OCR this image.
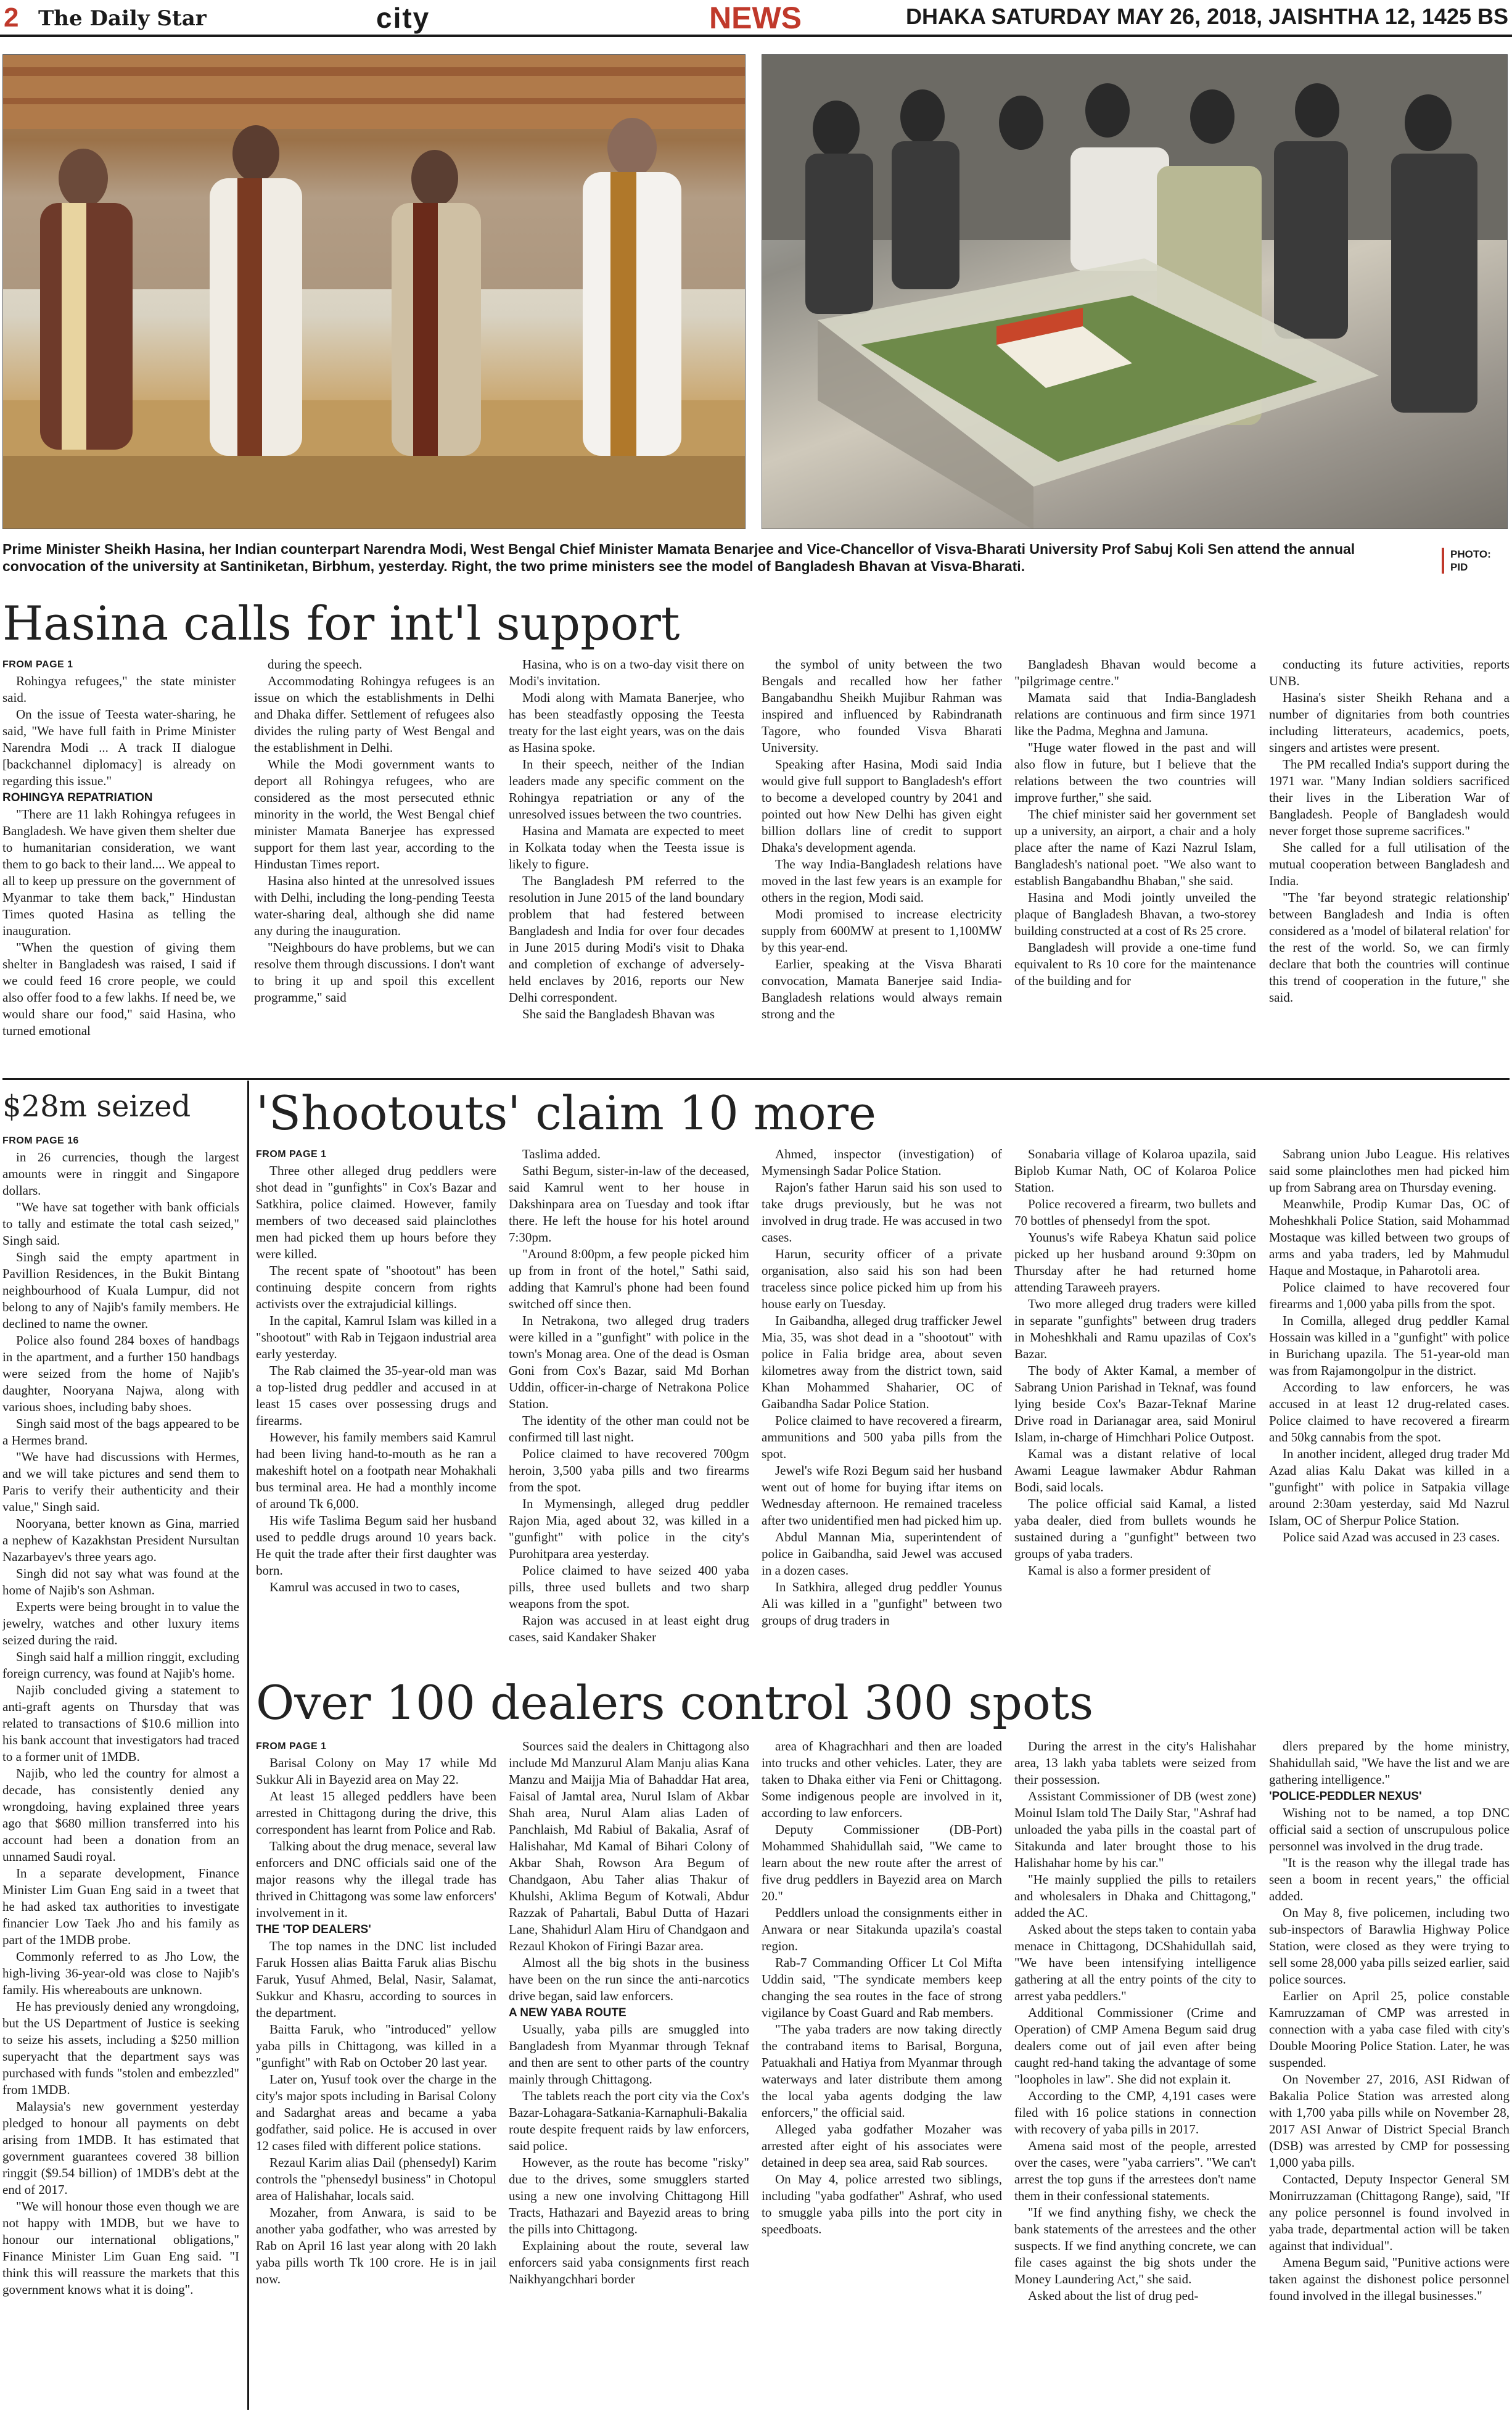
2 The Daily Star	city	NEWS	DHAKA SATURDAY MAY 26, 2018, JAISHTHA 12, 1425 BS
Prime Minister Sheikh Hasina, her Indian counterpart Narendra Modi, West Bengal Chief Minister Mamata Benarjee and Vice-Chancellor of Visva-Bharati University Prof Sabuj Koli Sen attend the annual convocation of the university at Santiniketan, Birbhum, yesterday. Right, the two prime ministers see the model of Bangladesh Bhavan at Visva-Bharati.
PHOTO:
PID
Hasina calls for int'l support

FROM PAGE 1

Rohingya refugees," the state minister said.

On the issue of Teesta water-sharing, he said, "We have full faith in Prime Minister Narendra Modi ... A track II dialogue [backchannel diplomacy] is already on regarding this issue."

ROHINGYA REPATRIATION

"There are 11 lakh Rohingya refugees in Bangladesh. We have given them shelter due to humanitarian consideration, we want them to go back to their land.... We appeal to all to keep up pressure on the government of Myanmar to take them back," Hindustan Times quoted Hasina as telling the inauguration.

"When the question of giving them shelter in Bangladesh was raised, I said if we could feed 16 crore people, we could also offer food to a few lakhs. If need be, we would share our food," said Hasina, who turned emotional

during the speech.

Accommodating Rohingya refugees is an issue on which the establishments in Delhi and Dhaka differ. Settlement of refugees also divides the ruling party of West Bengal and the establishment in Delhi.

While the Modi government wants to deport all Rohingya refugees, who are considered as the most persecuted ethnic minority in the world, the West Bengal chief minister Mamata Banerjee has expressed support for them last year, according to the Hindustan Times report.

Hasina also hinted at the unresolved issues with Delhi, including the long-pending Teesta water-sharing deal, although she did name any during the inauguration.

"Neighbours do have problems, but we can resolve them through discussions. I don't want to bring it up and spoil this excellent programme," said

Hasina, who is on a two-day visit there on Modi's invitation.

Modi along with Mamata Banerjee, who has been steadfastly opposing the Teesta treaty for the last eight years, was on the dais as Hasina spoke.

In their speech, neither of the Indian leaders made any specific comment on the Rohingya repatriation or any of the unresolved issues between the two countries.

Hasina and Mamata are expected to meet in Kolkata today when the Teesta issue is likely to figure.

The Bangladesh PM referred to the resolution in June 2015 of the land boundary problem that had festered between Bangladesh and India for over four decades in June 2015 during Modi's visit to Dhaka and completion of exchange of adversely-held enclaves by 2016, reports our New Delhi correspondent.

She said the Bangladesh Bhavan was

the symbol of unity between the two Bengals and recalled how her father Bangabandhu Sheikh Mujibur Rahman was inspired and influenced by Rabindranath Tagore, who founded Visva Bharati University.

Speaking after Hasina, Modi said India would give full support to Bangladesh's effort to become a developed country by 2041 and pointed out how New Delhi has given eight billion dollars line of credit to support Dhaka's development agenda.

The way India-Bangladesh relations have moved in the last few years is an example for others in the region, Modi said.

Modi promised to increase electricity supply from 600MW at present to 1,100MW by this year-end.

Earlier, speaking at the Visva Bharati convocation, Mamata Banerjee said India-Bangladesh relations would always remain strong and the

Bangladesh Bhavan would become a "pilgrimage centre."

Mamata said that India-Bangladesh relations are continuous and firm since 1971 like the Padma, Meghna and Jamuna.

"Huge water flowed in the past and will also flow in future, but I believe that the relations between the two countries will improve further," she said.

The chief minister said her government set up a university, an airport, a chair and a holy place after the name of Kazi Nazrul Islam, Bangladesh's national poet. "We also want to establish Bangabandhu Bhaban," she said.

Hasina and Modi jointly unveiled the plaque of Bangladesh Bhavan, a two-storey building constructed at a cost of Rs 25 crore.

Bangladesh will provide a one-time fund equivalent to Rs 10 core for the maintenance of the building and for

conducting its future activities, reports UNB.

Hasina's sister Sheikh Rehana and a number of dignitaries from both countries including litterateurs, academics, poets, singers and artistes were present.

The PM recalled India's support during the 1971 war. "Many Indian soldiers sacrificed their lives in the Liberation War of Bangladesh. People of Bangladesh would never forget those supreme sacrifices."

She called for a full utilisation of the mutual cooperation between Bangladesh and India.

"The 'far beyond strategic relationship' between Bangladesh and India is often considered as a 'model of bilateral relation' for the rest of the world. So, we can firmly declare that both the countries will continue this trend of cooperation in the future," she said.

$28m seized

FROM PAGE 16

in 26 currencies, though the largest amounts were in ringgit and Singapore dollars.

"We have sat together with bank officials to tally and estimate the total cash seized," Singh said.

Singh said the empty apartment in Pavillion Residences, in the Bukit Bintang neighbourhood of Kuala Lumpur, did not belong to any of Najib's family members. He declined to name the owner.

Police also found 284 boxes of handbags in the apartment, and a further 150 handbags were seized from the home of Najib's daughter, Nooryana Najwa, along with various shoes, including baby shoes.

Singh said most of the bags appeared to be a Hermes brand.

"We have had discussions with Hermes, and we will take pictures and send them to Paris to verify their authenticity and their value," Singh said.

Nooryana, better known as Gina, married a nephew of Kazakhstan President Nursultan Nazarbayev's three years ago.

Singh did not say what was found at the home of Najib's son Ashman.

Experts were being brought in to value the jewelry, watches and other luxury items seized during the raid.

Singh said half a million ringgit, excluding foreign currency, was found at Najib's home.

Najib concluded giving a statement to anti-graft agents on Thursday that was related to transactions of $10.6 million into his bank account that investigators had traced to a former unit of 1MDB.

Najib, who led the country for almost a decade, has consistently denied any wrongdoing, having explained three years ago that $680 million transferred into his account had been a donation from an unnamed Saudi royal.

In a separate development, Finance Minister Lim Guan Eng said in a tweet that he had asked tax authorities to investigate financier Low Taek Jho and his family as part of the 1MDB probe.

Commonly referred to as Jho Low, the high-living 36-year-old was close to Najib's family. His whereabouts are unknown.

He has previously denied any wrongdoing, but the US Department of Justice is seeking to seize his assets, including a $250 million superyacht that the department says was purchased with funds "stolen and embezzled" from 1MDB.

Malaysia's new government yesterday pledged to honour all payments on debt arising from 1MDB. It has estimated that government guarantees covered 38 billion ringgit ($9.54 billion) of 1MDB's debt at the end of 2017.

"We will honour those even though we are not happy with 1MDB, but we have to honour our international obligations," Finance Minister Lim Guan Eng said. "I think this will reassure the markets that this government knows what it is doing".

'Shootouts' claim 10 more

FROM PAGE 1

Three other alleged drug peddlers were shot dead in "gunfights" in Cox's Bazar and Satkhira, police claimed. However, family members of two deceased said plainclothes men had picked them up hours before they were killed.

The recent spate of "shootout" has been continuing despite concern from rights activists over the extrajudicial killings.

In the capital, Kamrul Islam was killed in a "shootout" with Rab in Tejgaon industrial area early yesterday.

The Rab claimed the 35-year-old man was a top-listed drug peddler and accused in at least 15 cases over possessing drugs and firearms.

However, his family members said Kamrul had been living hand-to-mouth as he ran a makeshift hotel on a footpath near Mohakhali bus terminal area. He had a monthly income of around Tk 6,000.

His wife Taslima Begum said her husband used to peddle drugs around 10 years back. He quit the trade after their first daughter was born.

Kamrul was accused in two to cases,

Taslima added.

Sathi Begum, sister-in-law of the deceased, said Kamrul went to her house in Dakshinpara area on Tuesday and took iftar there. He left the house for his hotel around 7:30pm.

"Around 8:00pm, a few people picked him up from in front of the hotel," Sathi said, adding that Kamrul's phone had been found switched off since then.

In Netrakona, two alleged drug traders were killed in a "gunfight" with police in the town's Monag area. One of the dead is Osman Goni from Cox's Bazar, said Md Borhan Uddin, officer-in-charge of Netrakona Police Station.

The identity of the other man could not be confirmed till last night.

Police claimed to have recovered 700gm heroin, 3,500 yaba pills and two firearms from the spot.

In Mymensingh, alleged drug peddler Rajon Mia, aged about 32, was killed in a "gunfight" with police in the city's Purohitpara area yesterday.

Police claimed to have seized 400 yaba pills, three used bullets and two sharp weapons from the spot.

Rajon was accused in at least eight drug cases, said Kandaker Shaker

Ahmed, inspector (investigation) of Mymensingh Sadar Police Station.

Rajon's father Harun said his son used to take drugs previously, but he was not involved in drug trade. He was accused in two cases.

Harun, security officer of a private organisation, also said his son had been traceless since police picked him up from his house early on Tuesday.

In Gaibandha, alleged drug trafficker Jewel Mia, 35, was shot dead in a "shootout" with police in Falia bridge area, about seven kilometres away from the district town, said Khan Mohammed Shaharier, OC of Gaibandha Sadar Police Station.

Police claimed to have recovered a firearm, ammunitions and 500 yaba pills from the spot.

Jewel's wife Rozi Begum said her husband went out of home for buying iftar items on Wednesday afternoon. He remained traceless after two unidentified men had picked him up.

Abdul Mannan Mia, superintendent of police in Gaibandha, said Jewel was accused in a dozen cases.

In Satkhira, alleged drug peddler Younus Ali was killed in a "gunfight" between two groups of drug traders in

Sonabaria village of Kolaroa upazila, said Biplob Kumar Nath, OC of Kolaroa Police Station.

Police recovered a firearm, two bullets and 70 bottles of phensedyl from the spot.

Younus's wife Rabeya Khatun said police picked up her husband around 9:30pm on Thursday after he had returned home attending Taraweeh prayers.

Two more alleged drug traders were killed in separate "gunfights" between drug traders in Moheshkhali and Ramu upazilas of Cox's Bazar.

The body of Akter Kamal, a member of Sabrang Union Parishad in Teknaf, was found lying beside Cox's Bazar-Teknaf Marine Drive road in Darianagar area, said Monirul Islam, in-charge of Himchhari Police Outpost.

Kamal was a distant relative of local Awami League lawmaker Abdur Rahman Bodi, said locals.

The police official said Kamal, a listed yaba dealer, died from bullets wounds he sustained during a "gunfight" between two groups of yaba traders.

Kamal is also a former president of

Sabrang union Jubo League. His relatives said some plainclothes men had picked him up from Sabrang area on Thursday evening.

Meanwhile, Prodip Kumar Das, OC of Moheshkhali Police Station, said Mohammad Mostaque was killed between two groups of arms and yaba traders, led by Mahmudul Haque and Mostaque, in Paharotoli area.

Police claimed to have recovered four firearms and 1,000 yaba pills from the spot.

In Comilla, alleged drug peddler Kamal Hossain was killed in a "gunfight" with police in Burichang upazila. The 51-year-old man was from Rajamongolpur in the district.

According to law enforcers, he was accused in at least 12 drug-related cases. Police claimed to have recovered a firearm and 50kg cannabis from the spot.

In another incident, alleged drug trader Md Azad alias Kalu Dakat was killed in a "gunfight" with police in Satpakia village around 2:30am yesterday, said Md Nazrul Islam, OC of Sherpur Police Station.

Police said Azad was accused in 23 cases.

Over 100 dealers control 300 spots

FROM PAGE 1

Barisal Colony on May 17 while Md Sukkur Ali in Bayezid area on May 22.

At least 15 alleged peddlers have been arrested in Chittagong during the drive, this correspondent has learnt from Police and Rab.

Talking about the drug menace, several law enforcers and DNC officials said one of the major reasons why the illegal trade has thrived in Chittagong was some law enforcers' involvement in it.

THE 'TOP DEALERS'

The top names in the DNC list included Faruk Hossen alias Baitta Faruk alias Bischu Faruk, Yusuf Ahmed, Belal, Nasir, Salamat, Sukkur and Khasru, according to sources in the department.

Baitta Faruk, who "introduced" yellow yaba pills in Chittagong, was killed in a "gunfight" with Rab on October 20 last year.

Later on, Yusuf took over the charge in the city's major spots including in Barisal Colony and Sadarghat areas and became a yaba godfather, said police. He is accused in over 12 cases filed with different police stations.

Rezaul Karim alias Dail (phensedyl) Karim controls the "phensedyl business" in Chotopul area of Halishahar, locals said.

Mozaher, from Anwara, is said to be another yaba godfather, who was arrested by Rab on April 16 last year along with 20 lakh yaba pills worth Tk 100 crore. He is in jail now.

Sources said the dealers in Chittagong also include Md Manzurul Alam Manju alias Kana Manzu and Maijja Mia of Bahaddar Hat area, Faisal of Jamtal area, Nurul Islam of Akbar Shah area, Nurul Alam alias Laden of Panchlaish, Md Rabiul of Bakalia, Asraf of Halishahar, Md Kamal of Bihari Colony of Akbar Shah, Rowson Ara Begum of Chandgaon, Abu Taher alias Thakur of Khulshi, Aklima Begum of Kotwali, Abdur Razzak of Pahartali, Babul Dutta of Hazari Lane, Shahidurl Alam Hiru of Chandgaon and Rezaul Khokon of Firingi Bazar area.

Almost all the big shots in the business have been on the run since the anti-narcotics drive began, said law enforcers.

A NEW YABA ROUTE

Usually, yaba pills are smuggled into Bangladesh from Myanmar through Teknaf and then are sent to other parts of the country mainly through Chittagong.

The tablets reach the port city via the Cox's Bazar-Lohagara-Satkania-Karnaphuli-Bakalia route despite frequent raids by law enforcers, said police.

However, as the route has become "risky" due to the drives, some smugglers started using a new one involving Chittagong Hill Tracts, Hathazari and Bayezid areas to bring the pills into Chittagong.

Explaining about the route, several law enforcers said yaba consignments first reach Naikhyangchhari border

area of Khagrachhari and then are loaded into trucks and other vehicles. Later, they are taken to Dhaka either via Feni or Chittagong. Some indigenous people are involved in it, according to law enforcers.

Deputy Commissioner (DB-Port) Mohammed Shahidullah said, "We came to learn about the new route after the arrest of five drug peddlers in Bayezid area on March 20."

Peddlers unload the consignments either in Anwara or near Sitakunda upazila's coastal region.

Rab-7 Commanding Officer Lt Col Mifta Uddin said, "The syndicate members keep changing the sea routes in the face of strong vigilance by Coast Guard and Rab members.

"The yaba traders are now taking directly the contraband items to Barisal, Borguna, Patuakhali and Hatiya from Myanmar through waterways and later distribute them among the local yaba agents dodging the law enforcers," the official said.

Alleged yaba godfather Mozaher was arrested after eight of his associates were detained in deep sea area, said Rab sources.

On May 4, police arrested two siblings, including "yaba godfather" Ashraf, who used to smuggle yaba pills into the port city in speedboats.

During the arrest in the city's Halishahar area, 13 lakh yaba tablets were seized from their possession.

Assistant Commissioner of DB (west zone) Moinul Islam told The Daily Star, "Ashraf had unloaded the yaba pills in the coastal part of Sitakunda and later brought those to his Halishahar home by his car."

"He mainly supplied the pills to retailers and wholesalers in Dhaka and Chittagong," added the AC.

Asked about the steps taken to contain yaba menace in Chittagong, DCShahidullah said, "We have been intensifying intelligence gathering at all the entry points of the city to arrest yaba peddlers."

Additional Commissioner (Crime and Operation) of CMP Amena Begum said drug dealers come out of jail even after being caught red-hand taking the advantage of some "loopholes in law". She did not explain it.

According to the CMP, 4,191 cases were filed with 16 police stations in connection with recovery of yaba pills in 2017.

Amena said most of the people, arrested over the cases, were "yaba carriers". "We can't arrest the top guns if the arrestees don't name them in their confessional statements.

"If we find anything fishy, we check the bank statements of the arrestees and the other suspects. If we find anything concrete, we can file cases against the big shots under the Money Laundering Act," she said.

Asked about the list of drug ped-

dlers prepared by the home ministry, Shahidullah said, "We have the list and we are gathering intelligence."

'POLICE-PEDDLER NEXUS'

Wishing not to be named, a top DNC official said a section of unscrupulous police personnel was involved in the drug trade.

"It is the reason why the illegal trade has seen a boom in recent years," the official added.

On May 8, five policemen, including two sub-inspectors of Barawlia Highway Police Station, were closed as they were trying to sell some 28,000 yaba pills seized earlier, said police sources.

Earlier on April 25, police constable Kamruzzaman of CMP was arrested in connection with a yaba case filed with city's Double Mooring Police Station. Later, he was suspended.

On November 27, 2016, ASI Ridwan of Bakalia Police Station was arrested along with 1,700 yaba pills while on November 28, 2017 ASI Anwar of District Special Branch (DSB) was arrested by CMP for possessing 1,000 yaba pills.

Contacted, Deputy Inspector General SM Monirruzzaman (Chittagong Range), said, "If any police personnel is found involved in yaba trade, departmental action will be taken against that individual".

Amena Begum said, "Punitive actions were taken against the dishonest police personnel found involved in the illegal businesses."
